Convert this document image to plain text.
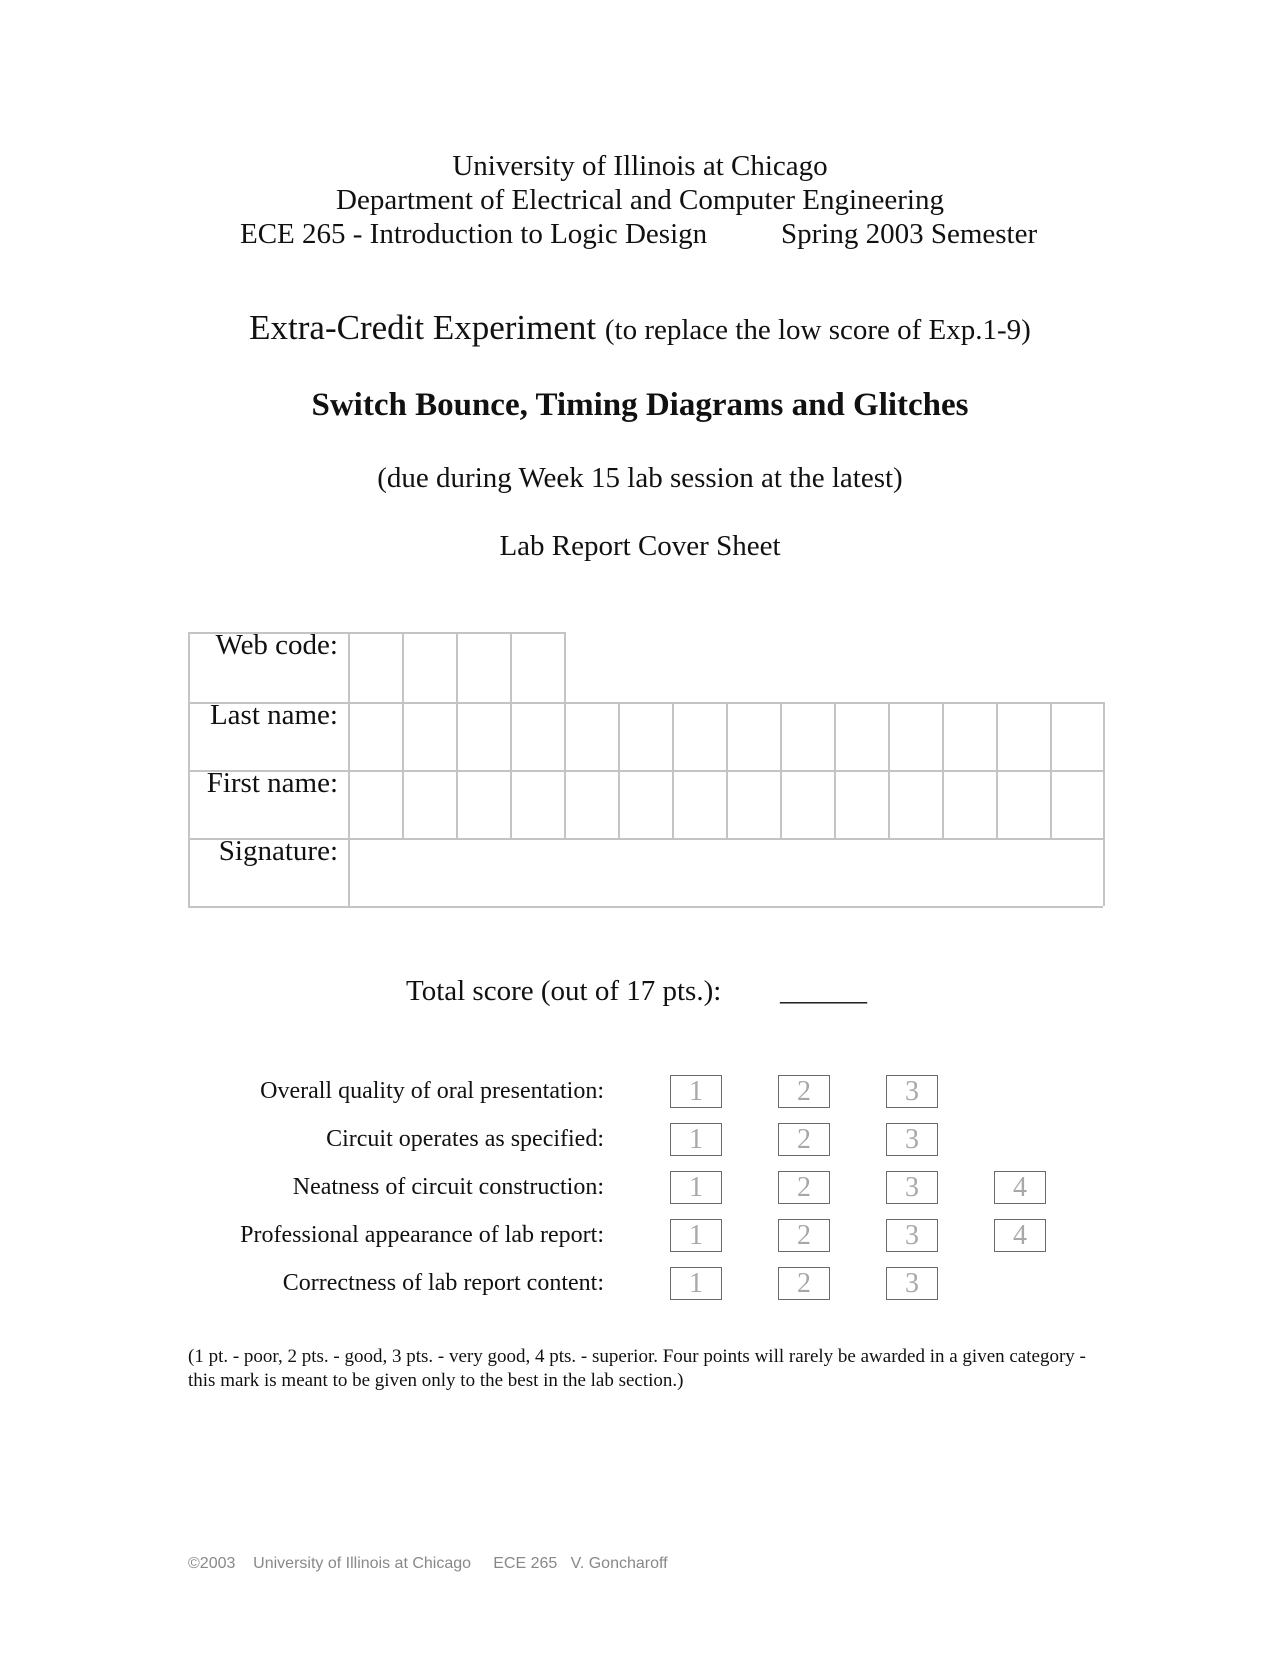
University of Illinois at Chicago
Department of Electrical and Computer Engineering
ECE 265 - Introduction to Logic Design	Spring 2003 Semester
Extra-Credit Experiment (to replace the low score of Exp.1-9)
Switch Bounce, Timing Diagrams and Glitches
(due during Week 15 lab session at the latest)
Lab Report Cover Sheet
Web code:
Last name:
First name:
Signature:
Total score (out of 17 pts.): ______
Overall quality of oral presentation:	1	2	3
Circuit operates as specified:	1	2	3
Neatness of circuit construction:	1	2	3	4
Professional appearance of lab report:	1	2	3	4
Correctness of lab report content:	1	2	3
(1 pt. - poor, 2 pts. - good, 3 pts. - very good, 4 pts. - superior. Four points will rarely be awarded in a given category - this mark is meant to be given only to the best in the lab section.)
©2003    University of Illinois at Chicago     ECE 265   V. Goncharoff
